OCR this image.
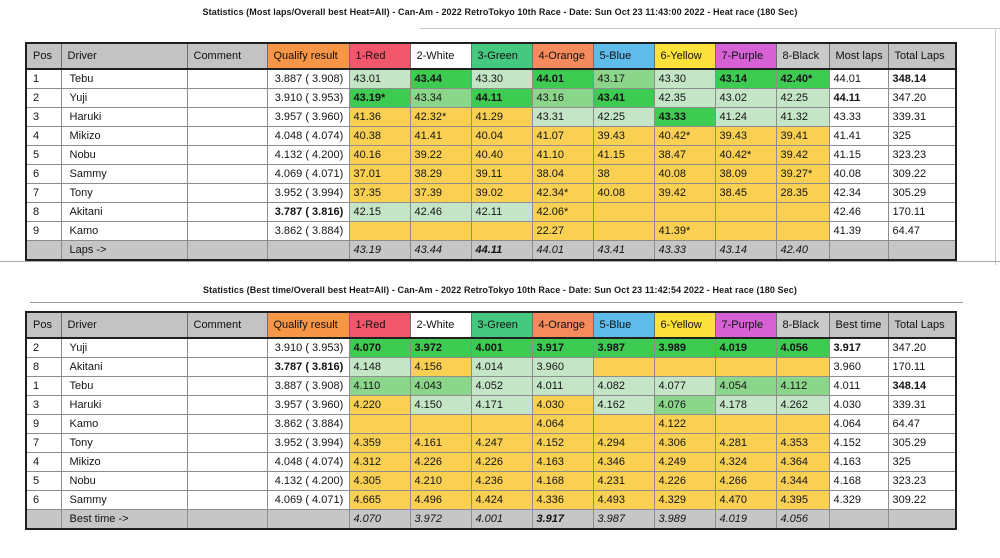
Statistics (Most laps/Overall best Heat=All) - Can-Am - 2022 RetroTokyo 10th Race - Date: Sun Oct 23 11:43:00 2022 - Heat race (180 Sec)
Pos	Driver	Comment	Qualify result	1-Red	2-White	3-Green	4-Orange	5-Blue	6-Yellow	7-Purple	8-Black	Most laps	Total Laps
1	Tebu		3.887 ( 3.908)	43.01	43.44	43.30	44.01	43.17	43.30	43.14	42.40*	44.01	348.14
2	Yuji		3.910 ( 3.953)	43.19*	43.34	44.11	43.16	43.41	42.35	43.02	42.25	44.11	347.20
3	Haruki		3.957 ( 3.960)	41.36	42.32*	41.29	43.31	42.25	43.33	41.24	41.32	43.33	339.31
4	Mikizo		4.048 ( 4.074)	40.38	41.41	40.04	41.07	39.43	40.42*	39.43	39.41	41.41	325
5	Nobu		4.132 ( 4.200)	40.16	39.22	40.40	41.10	41.15	38.47	40.42*	39.42	41.15	323.23
6	Sammy		4.069 ( 4.071)	37.01	38.29	39.11	38.04	38	40.08	38.09	39.27*	40.08	309.22
7	Tony		3.952 ( 3.994)	37.35	37.39	39.02	42.34*	40.08	39.42	38.45	28.35	42.34	305.29
8	Akitani		3.787 ( 3.816)	42.15	42.46	42.11	42.06*					42.46	170.11
9	Kamo		3.862 ( 3.884)				22.27		41.39*			41.39	64.47
	Laps ->			43.19	43.44	44.11	44.01	43.41	43.33	43.14	42.40		
Statistics (Best time/Overall best Heat=All) - Can-Am - 2022 RetroTokyo 10th Race - Date: Sun Oct 23 11:42:54 2022 - Heat race (180 Sec)
Pos	Driver	Comment	Qualify result	1-Red	2-White	3-Green	4-Orange	5-Blue	6-Yellow	7-Purple	8-Black	Best time	Total Laps
2	Yuji		3.910 ( 3.953)	4.070	3.972	4.001	3.917	3.987	3.989	4.019	4.056	3.917	347.20
8	Akitani		3.787 ( 3.816)	4.148	4.156	4.014	3.960					3.960	170.11
1	Tebu		3.887 ( 3.908)	4.110	4.043	4.052	4.011	4.082	4.077	4.054	4.112	4.011	348.14
3	Haruki		3.957 ( 3.960)	4.220	4.150	4.171	4.030	4.162	4.076	4.178	4.262	4.030	339.31
9	Kamo		3.862 ( 3.884)				4.064		4.122			4.064	64.47
7	Tony		3.952 ( 3.994)	4.359	4.161	4.247	4.152	4.294	4.306	4.281	4.353	4.152	305.29
4	Mikizo		4.048 ( 4.074)	4.312	4.226	4.226	4.163	4.346	4.249	4.324	4.364	4.163	325
5	Nobu		4.132 ( 4.200)	4.305	4.210	4.236	4.168	4.231	4.226	4.266	4.344	4.168	323.23
6	Sammy		4.069 ( 4.071)	4.665	4.496	4.424	4.336	4.493	4.329	4.470	4.395	4.329	309.22
	Best time ->			4.070	3.972	4.001	3.917	3.987	3.989	4.019	4.056		
